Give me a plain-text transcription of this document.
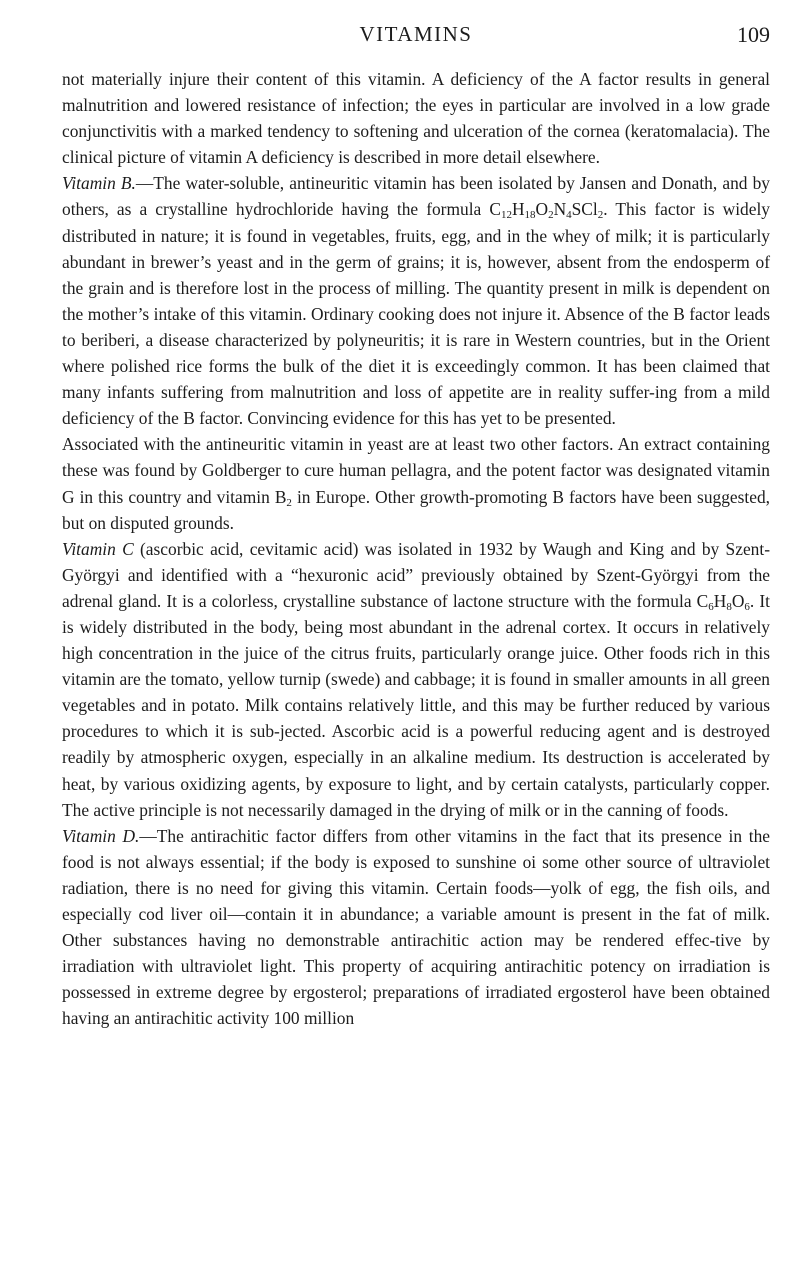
VITAMINS	109

not materially injure their content of this vitamin. A deficiency of the A factor results in general malnutrition and lowered resistance of infection; the eyes in particular are involved in a low grade conjunctivitis with a marked tendency to softening and ulceration of the cornea (keratomalacia). The clinical picture of vitamin A deficiency is described in more detail elsewhere.

Vitamin B.—The water-soluble, antineuritic vitamin has been isolated by Jansen and Donath, and by others, as a crystalline hydrochloride having the formula $C_{12}H_{18}O_2N_4SCl_2$. This factor is widely distributed in nature; it is found in vegetables, fruits, egg, and in the whey of milk; it is particularly abundant in brewer’s yeast and in the germ of grains; it is, however, absent from the endosperm of the grain and is therefore lost in the process of milling. The quantity present in milk is dependent on the mother’s intake of this vitamin. Ordinary cooking does not injure it. Absence of the B factor leads to beriberi, a disease characterized by polyneuritis; it is rare in Western countries, but in the Orient where polished rice forms the bulk of the diet it is exceedingly common. It has been claimed that many infants suffering from malnutrition and loss of appetite are in reality suffer-ing from a mild deficiency of the B factor. Convincing evidence for this has yet to be presented.

Associated with the antineuritic vitamin in yeast are at least two other factors. An extract containing these was found by Goldberger to cure human pellagra, and the potent factor was designated vitamin G in this country and vitamin $B_2$ in Europe. Other growth-promoting B factors have been suggested, but on disputed grounds.

Vitamin C (ascorbic acid, cevitamic acid) was isolated in 1932 by Waugh and King and by Szent-Györgyi and identified with a “hexuronic acid” previously obtained by Szent-Györgyi from the adrenal gland. It is a colorless, crystalline substance of lactone structure with the formula $C_6H_8O_6$. It is widely distributed in the body, being most abundant in the adrenal cortex. It occurs in relatively high concentration in the juice of the citrus fruits, particularly orange juice. Other foods rich in this vitamin are the tomato, yellow turnip (swede) and cabbage; it is found in smaller amounts in all green vegetables and in potato. Milk contains relatively little, and this may be further reduced by various procedures to which it is sub-jected. Ascorbic acid is a powerful reducing agent and is destroyed readily by atmospheric oxygen, especially in an alkaline medium. Its destruction is accelerated by heat, by various oxidizing agents, by exposure to light, and by certain catalysts, particularly copper. The active principle is not necessarily damaged in the drying of milk or in the canning of foods.

Vitamin D.—The antirachitic factor differs from other vitamins in the fact that its presence in the food is not always essential; if the body is exposed to sunshine oi some other source of ultraviolet radiation, there is no need for giving this vitamin. Certain foods—yolk of egg, the fish oils, and especially cod liver oil—contain it in abundance; a variable amount is present in the fat of milk. Other substances having no demonstrable antirachitic action may be rendered effec-tive by irradiation with ultraviolet light. This property of acquiring antirachitic potency on irradiation is possessed in extreme degree by ergosterol; preparations of irradiated ergosterol have been obtained having an antirachitic activity 100 million
